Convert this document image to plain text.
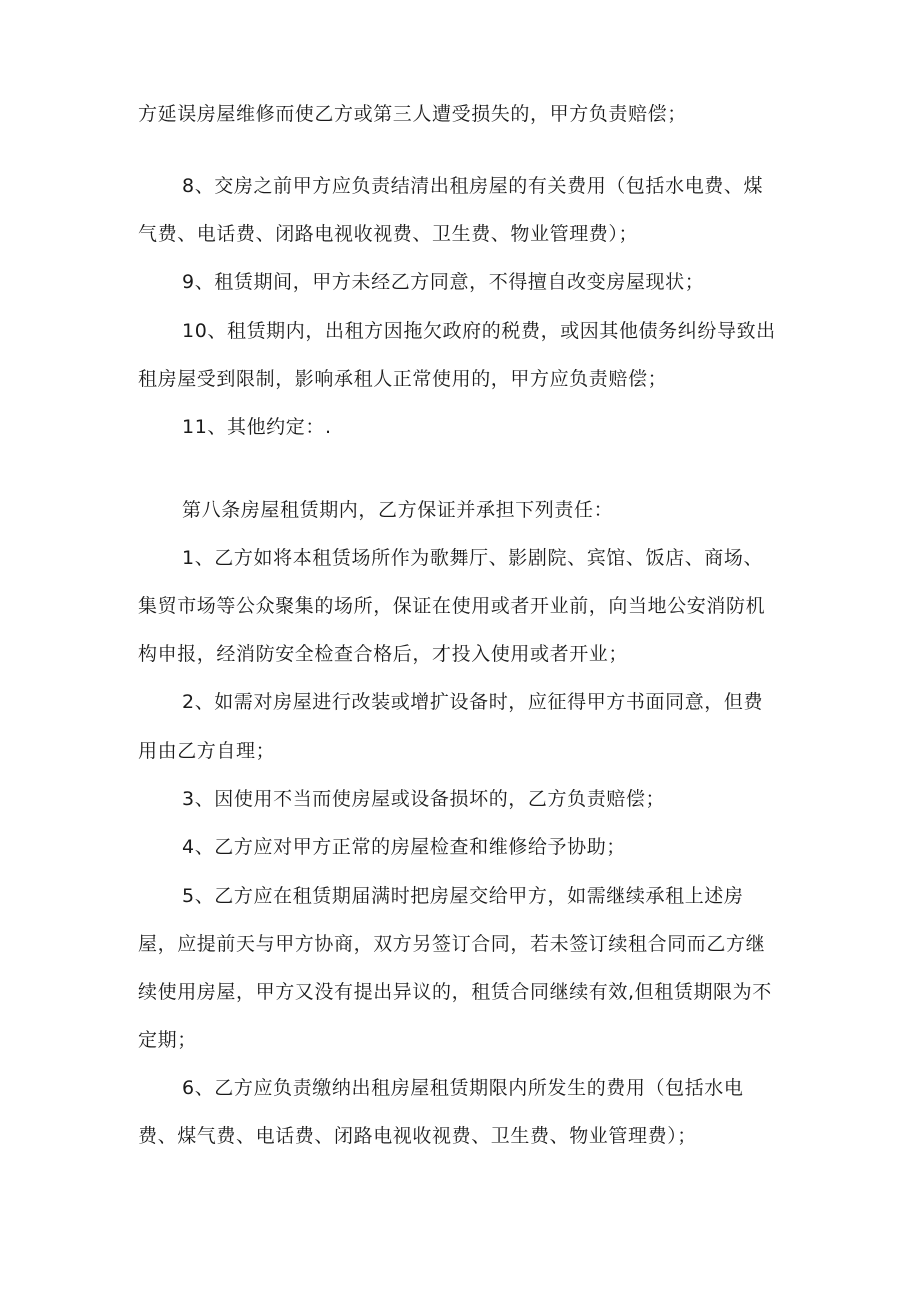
方延误房屋维修而使乙方或第三人遭受损失的，甲方负责赔偿；
8、交房之前甲方应负责结清出租房屋的有关费用（包括水电费、煤
气费、电话费、闭路电视收视费、卫生费、物业管理费）；
9、租赁期间，甲方未经乙方同意，不得擅自改变房屋现状；
10、租赁期内，出租方因拖欠政府的税费，或因其他债务纠纷导致出
租房屋受到限制，影响承租人正常使用的，甲方应负责赔偿；
11、其他约定：.
第八条房屋租赁期内，乙方保证并承担下列责任：
1、乙方如将本租赁场所作为歌舞厅、影剧院、宾馆、饭店、商场、
集贸市场等公众聚集的场所，保证在使用或者开业前，向当地公安消防机
构申报，经消防安全检查合格后，才投入使用或者开业；
2、如需对房屋进行改装或增扩设备时，应征得甲方书面同意，但费
用由乙方自理；
3、因使用不当而使房屋或设备损坏的，乙方负责赔偿；
4、乙方应对甲方正常的房屋检查和维修给予协助；
5、乙方应在租赁期届满时把房屋交给甲方，如需继续承租上述房
屋，应提前天与甲方协商，双方另签订合同，若未签订续租合同而乙方继
续使用房屋，甲方又没有提出异议的，租赁合同继续有效,但租赁期限为不
定期；
6、乙方应负责缴纳出租房屋租赁期限内所发生的费用（包括水电
费、煤气费、电话费、闭路电视收视费、卫生费、物业管理费）；
